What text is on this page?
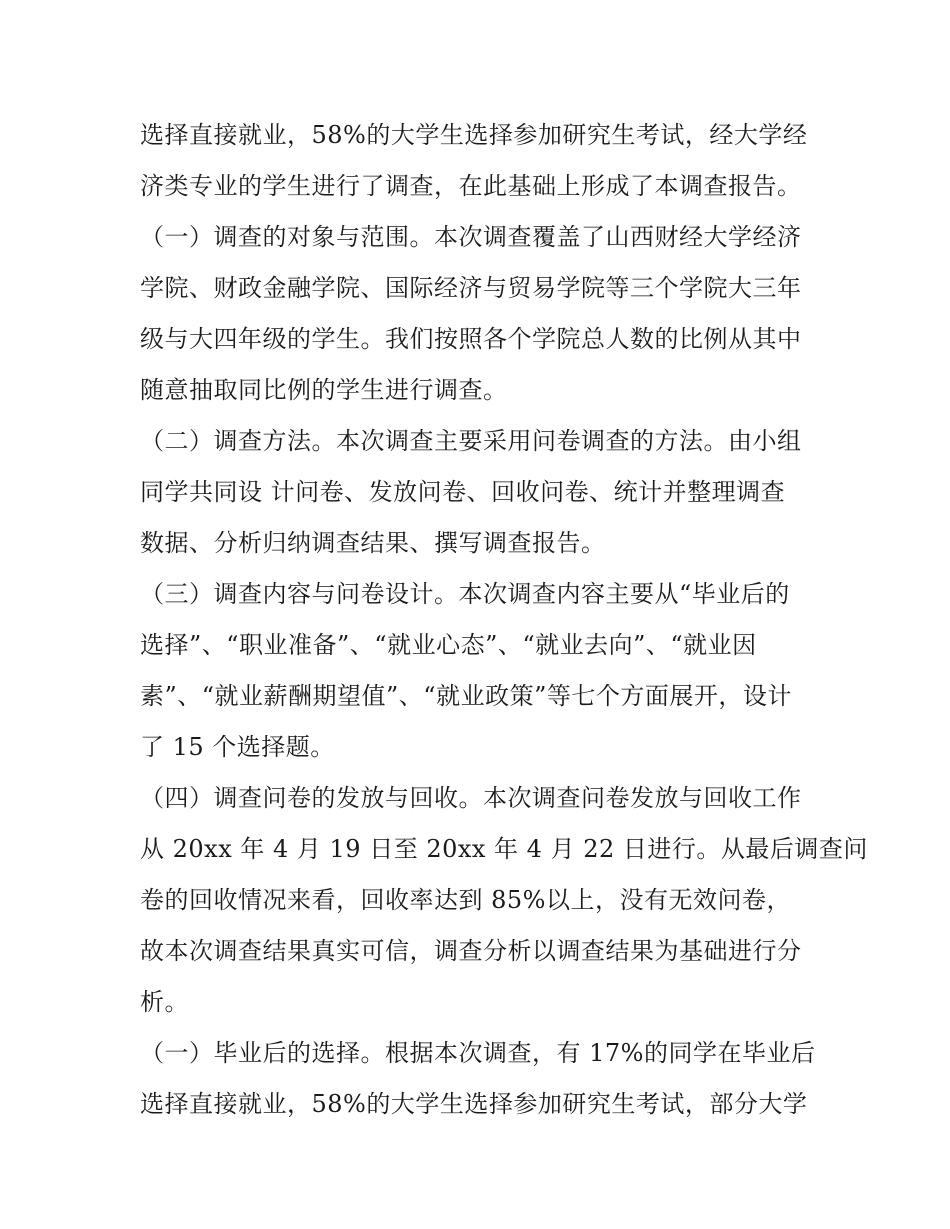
选择直接就业，58%的大学生选择参加研究生考试，经大学经
济类专业的学生进行了调查，在此基础上形成了本调查报告。
（一）调查的对象与范围。本次调查覆盖了山西财经大学经济
学院、财政金融学院、国际经济与贸易学院等三个学院大三年
级与大四年级的学生。我们按照各个学院总人数的比例从其中
随意抽取同比例的学生进行调查。
（二）调查方法。本次调查主要采用问卷调查的方法。由小组
同学共同设 计问卷、发放问卷、回收问卷、统计并整理调查
数据、分析归纳调查结果、撰写调查报告。
（三）调查内容与问卷设计。本次调查内容主要从“毕业后的
选择”、“职业准备”、“就业心态”、“就业去向”、“就业因
素”、“就业薪酬期望值”、“就业政策”等七个方面展开，设计
了 15 个选择题。
（四）调查问卷的发放与回收。本次调查问卷发放与回收工作
从 20xx 年 4 月 19 日至 20xx 年 4 月 22 日进行。从最后调查问
卷的回收情况来看，回收率达到 85%以上，没有无效问卷，
故本次调查结果真实可信，调查分析以调查结果为基础进行分
析。
（一）毕业后的选择。根据本次调查，有 17%的同学在毕业后
选择直接就业，58%的大学生选择参加研究生考试，部分大学
